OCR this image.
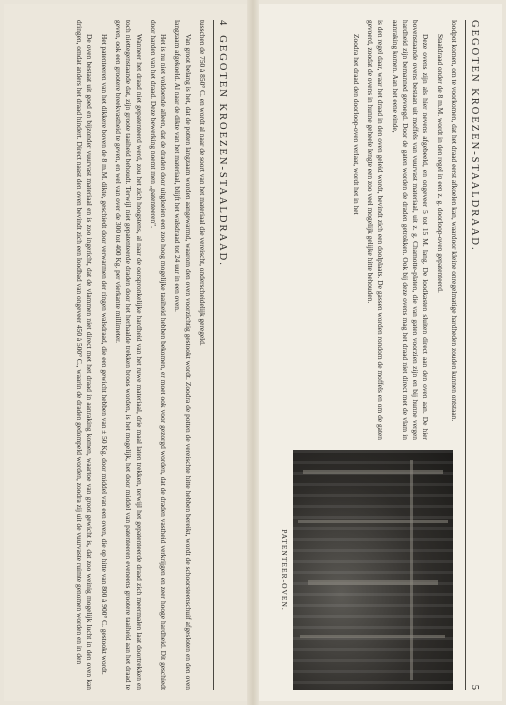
4
GEGOTEN KROEZEN-STAALDRAAD.

tusschen de 750 à 850° C. en wordt al naar de soort van het materiaal die vereischt, onderscheidelijk geregeld.

Van groot belang is het, dat de potten langzaam worden aangewarmd, waarom den oven voorzichtig gestookt wordt. Zoodra de potten de vereischte hitte hebben bereikt, wordt de schoorsteenschuif afgesloten en den oven langzaam afgekoeld. Al naar de dikte van het materiaal, blijft het walsdraad tot 24 uur in een oven.

Het is nu niet voldoende alleen, dat de draden door uitgloeien een zoo hoog mogelijke taaiheid hebben bekomen, er moet ook voor gezorgd worden, dat de draden vastheid verkrijgen en zeer hooge hardheid. Dit geschiedt door harden van het draad. Deze bewerking noemt men „patenteeren".

Wanneer het draad niet gepatenteerd werd, zou het zich hoogstens, al naar de oorspronkelijke hardheid van het ruwe materiaal, drie maal laten trekken, terwijl het gepatenteerde draad zich meermalen laat doortrekken en toch niettegenstaande dat, zijn groote taaiheid behoudt. Terwijl niet gepatenteerde draden door het herhaalde trekken broos worden, is het mogelijk, het door middel van patenteeren eveneens grootere taaiheid aan het draad te geven, ook een grootere breekvastheid te geven, en wel van over de 300 tot 400 Kg. per vierkante millimeter.

Het patenteeren van het dikkere boven de 8 m.M. dikte, geschiedt door verwarmen der ringen walsdraad, die een gewicht hebben van ± 50 Kg. door middel van een oven, die op hitte van 800 à 900° C. gestookt wordt.

De oven bestaat uit goed en bijzonder vuurvast materiaal en is zoo ingericht, dat de vlammen niet direct met het draad in aanraking komen, waartoe van groot gewicht is, dat zoo weinig mogelijk lucht in den oven kan dringen, omdat anders het draad hindert. Direct naast den oven bevindt zich een loodbad van ongeveer 450 à 500° C., waarin de draden gedompeld worden, zoodra zij uit de vuurvaste ruimte genomen worden en in den	GEGOTEN KROEZEN-STAALDRAAD.
5

loodpot komen, om te voorkomen, dat het draad eerst afkoelen kan, waardoor kleine onregelmatige hardheden zouden kunnen ontstaan.

Staaldraad onder de 8 m.M. wordt in den regel in een z. g. doorloop-oven gepatenteerd.

Deze ovens zijn als hier nevens afgebeeld, en ongeveer 5 tot 15 M. lang. De loodkasten sluiten direct aan den oven aan. De hier bovenstaande ovens bestaan uit moffels van vuurvast materiaal, uit z. g. Chamotte-platen, die van gaten voorzien zijn en bij hunne vergen hardheid zijn bemanned gevoegd. Door de gaten worden de draden getrokken. Ook bij deze ovens mag het draad niet direct met de vlam in aanraking komen. Aan het eene einde,

is den regel daar, waar het draad in den oven geleid wordt, bevindt zich een doolplaats. De gassen worden rondom de moffels en om de gaten gevoerd, zoodat de ovens in hunne geheele lengte een zoo veel mogelijk gelijke hitte behouden.

Zoodra het draad den doorloop-oven verlaat, wordt het in het

PATENTEER-OVEN.
